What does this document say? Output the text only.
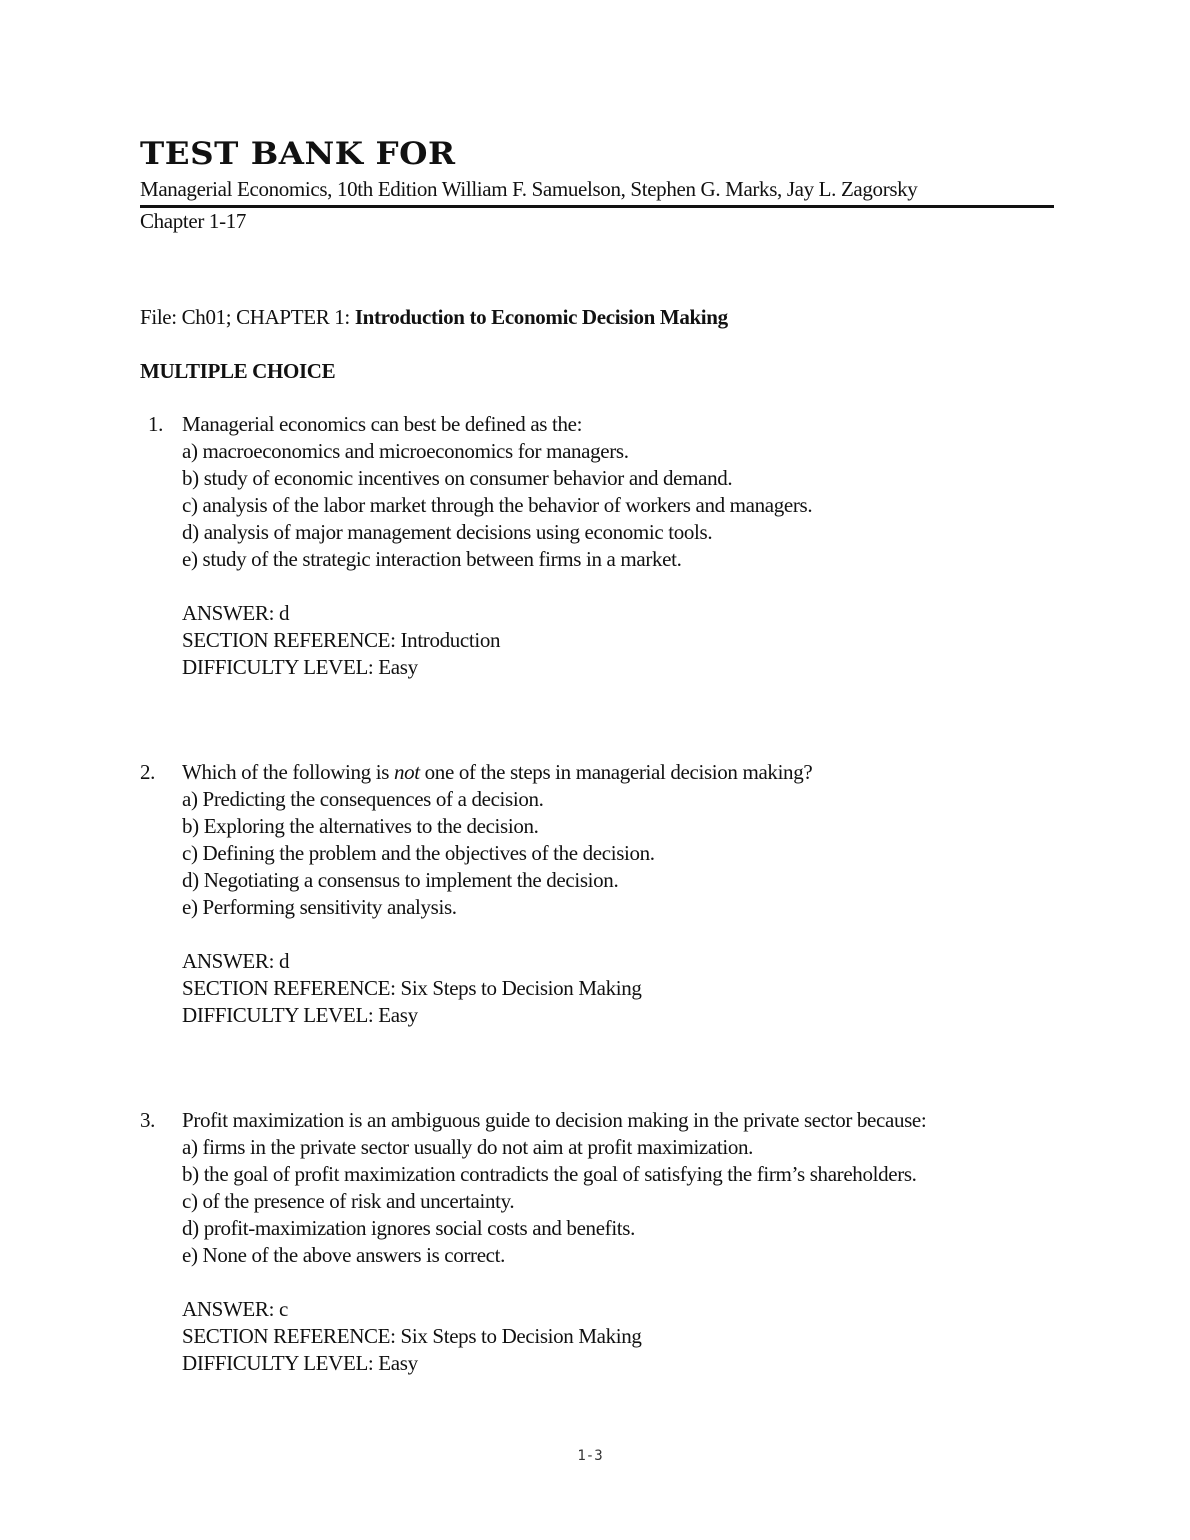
TEST BANK FOR
Managerial Economics, 10th Edition William F. Samuelson, Stephen G. Marks, Jay L. Zagorsky
Chapter 1-17
File: Ch01; CHAPTER 1: Introduction to Economic Decision Making
MULTIPLE CHOICE
1. Managerial economics can best be defined as the:
a) macroeconomics and microeconomics for managers.
b) study of economic incentives on consumer behavior and demand.
c) analysis of the labor market through the behavior of workers and managers.
d) analysis of major management decisions using economic tools.
e) study of the strategic interaction between firms in a market.
ANSWER: d
SECTION REFERENCE: Introduction
DIFFICULTY LEVEL: Easy
2.	Which of the following is not one of the steps in managerial decision making?
a) Predicting the consequences of a decision.
b) Exploring the alternatives to the decision.
c) Defining the problem and the objectives of the decision.
d) Negotiating a consensus to implement the decision.
e) Performing sensitivity analysis.
ANSWER: d
SECTION REFERENCE: Six Steps to Decision Making
DIFFICULTY LEVEL: Easy
3.	Profit maximization is an ambiguous guide to decision making in the private sector because:
a) firms in the private sector usually do not aim at profit maximization.
b) the goal of profit maximization contradicts the goal of satisfying the firm’s shareholders.
c) of the presence of risk and uncertainty.
d) profit-maximization ignores social costs and benefits.
e) None of the above answers is correct.
ANSWER: c
SECTION REFERENCE: Six Steps to Decision Making
DIFFICULTY LEVEL: Easy
1-3
